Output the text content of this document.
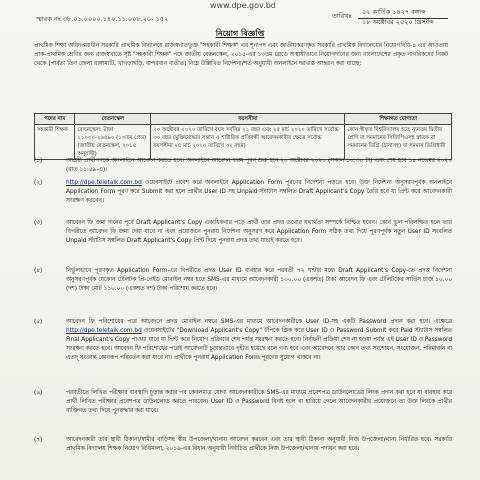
www.dpe.gov.bd
স্মারক নং ৩৮.০১.০০০০.১৪০.১১.০০৮.২০- ১৫২	তারিখঃ ০২ কার্তিক ১৪২৭ বঙ্গাব্দ
১৮ অক্টোবর ২০২০ খ্রিস্টাব্দ
নিয়োগ বিজ্ঞপ্তি
প্রাথমিক শিক্ষা অধিদপ্তরাধীন সরকারি প্রাথমিক বিদ্যালয়ে রাজস্বখাতভুক্ত "সহকারী শিক্ষক" এর শূন্যপদ এবং জাতীয়করণকৃত সরকারি প্রাথমিক বিদ্যালয়ের নিয়োগবিধি-৪ এর আওতায় প্রাক-প্রাথমিক শ্রেণির জন্য রাজস্বখাতে সৃষ্ট "সহকারী শিক্ষক" পদে জাতীয় বেতনস্কেল, ২০১৫-এর ১৩তম গ্রেডে অস্থায়ীভাবে নিয়োগদানের জন্য বাংলাদেশের প্রকৃত নাগরিকদের নিকট থেকে (পার্বত্য তিন জেলা রাঙ্গামাটি, খাগড়াছড়ি, বান্দরবান ব্যতীত) নিম্নে উল্লিখিত নির্দেশনা/শর্ত অনুযায়ী অনলাইনে দরখাস্ত আহ্বান করা যাচ্ছে:
পদের নাম	বেতনস্কেল	বয়সসীমা	শিক্ষাগত যোগ্যতা
সহকারী শিক্ষক	বেতনস্কেল: টাকা ১১০০০-২৬৫৯০ (১৩তম গ্রেড) (জাতীয় বেতনস্কেল, ২০১৫ অনুযায়ী)	২০ অক্টোবর ২০২০ তারিখে বয়স সর্বনিম্ন ২১ বছর এবং ২৫ মার্চ ২০২০ তারিখে সর্বোচ্চ ৩০ বছর (মুক্তিযোদ্ধার সন্তান ও শারীরিক প্রতিবন্ধী আবেদনকারীর ক্ষেত্রে সর্বোচ্চ বয়সসীমা ২৫ মার্চ ২০২০ তারিখে ৩২ বছর)	কোন স্বীকৃত বিশ্ববিদ্যালয় হতে ন্যূনতম দ্বিতীয় শ্রেণি বা সমমানের সিজিপিএসহ স্নাতক বা সমমানের ডিগ্রি (ঠানাসহ) বা সমমান ডিগ্রিধারী
(১)	আগ্রহী প্রার্থীগণকে অনলাইনে আবেদন করতে হবে। অনলাইনে আবেদন ফরম পূরণ শুরু হবে ২০ অক্টোবর ২০২০ (সকাল ১০:৩০ টা) এবং শেষ হবে ১৪ নভেম্বর ২০২০ (রাত ১১:৫৯-এ)।
(২)	http://dpe.teletalk.com.bd ওয়েবসাইটে প্রবেশ করে অনলাইনে Application Form পূরণের নির্দেশনা পড়তে হবে। উক্ত নির্দেশনা অনুসরণপূর্বক অনলাইনে Application Form পূরণ করে Submit করা হলে প্রার্থীর User ID সহ Unpaid স্ট্যাটাস সম্বলিত Draft Applicant's Copy তৈরি হবে যা প্রিন্ট করে আবেদনকারী সংরক্ষণ করবেন।
(৩)	আবেদন ফি জমা দানের পূর্বে Draft Applicant's Copy একাধিকবার পড়ে প্রার্থী তার প্রদত্ত তথ্যের যথার্থতা সম্পর্কে নিশ্চিত হবেন। কোন ভুল পরিলক্ষিত হলে তার বিপরীতে আবেদন ফি জমা দেয়া যাবে না এবং প্রয়োজনে পুনরায় নির্দেশনা অনুসরণ করে Application Form সঠিক তথ্য দিয়ে পূরণপূর্বক নতুন User ID সংবলিত Unpaid স্ট্যাটাস সম্বলিত Draft Applicant's Copy প্রিন্ট দিয়ে পুনরায় প্রদত্ত তথ্য যাচাই করতে হবে।
(৪)	নির্ভুলভাবে পূরণকৃত Application Form-এর বিপরীতে প্রদত্ত User ID ব্যবহার করে পরবর্তী ৭২ ঘণ্টার মধ্যে Draft Applicant's Copy-তে প্রদত্ত নির্দেশনা অনুসরণপূর্বক যেকোন টেলিটক প্রি-পেইড মোবাইল নম্বর হতে SMS-এর মাধ্যমে আবেদনকারী ১০০.০০ (একশত) টাকা আবেদন ফি এবং টেলিটকের সার্ভিস চার্জ ১০.০০ (দশ) টাকা মোট ১১০.০০ (একশত দশ) টাকা পরিশোধ করতে হবে।
(৫)	আবেদন ফি পরিশোধের পরে আবেদনে প্রদত্ত মোবাইল নম্বরে SMS-এর মাধ্যমে আবেদনকারীকে User ID-সহ একটি Password প্রদান করা হবে। এক্ষেত্রে http://dpe.teletalk.com.bd ওয়েবসাইটের "Download Applicant's Copy" টপিকে ক্লিক করে User ID ও Password Submit করে Paid স্ট্যাটাস সম্বলিত Final Applicant's Copy পাওয়া যাবে যা প্রিন্ট করে নিয়োগ প্রক্রিয়ার শেষ পর্যন্ত সংরক্ষণ করতে হবে। নির্বাচনী প্রক্রিয়া শেষ না হওয়া পর্যন্ত এই User ID ও Password সংরক্ষণ করতে হবে। আবেদন ফি পরিশোধের পরেই আবেদনটি চূড়ান্তভাবে গৃহীত হয়েছে বলে গণ্য হবে এবং আবেদনে আর কোন তথ্য সংশোধন, সংযোজন, পরিমার্জন বা এতদ্ সংক্রান্ত কোনরূপ পরিবর্তন করা যাবে না। প্রার্থীকে পুনরায় Application Form পূরণের সুযোগ থাকবে না।
(৬)	পরবর্তীতে লিখিত পরীক্ষার ব্যবস্থাদি চূড়ান্ত করার পর কেবলমাত্র যোগ্য আবেদনকারীকে SMS-এর মাধ্যমে প্রবেশপত্র ডাউনলোডের লিংক প্রদান করা হবে যা ব্যবহার করে প্রার্থী লিখিত পরীক্ষার প্রবেশপত্র ডাউনলোড করতে পারবেন। User ID ও Password বিনষ্ট হলে বা হারিয়ে গেলে আবেদনকারীর প্রয়োজনে তা উক্ত লিংকে প্রার্থীর ব্যক্তিগত তথ্য দিয়ে পুনরুদ্ধার করা যাবে।
(৭)	আবেদনকারী তার স্থায়ী ঠিকানা/স্বামীর বাড়িসহ স্বীয় উপজেলা/থানায় আবেদন করবেন এবং তার স্থায়ী ঠিকানা অনুযায়ী নিজ উপজেলা/থানা নির্ধারিত হবে। সরকারি প্রাথমিক বিদ্যালয় শিক্ষক নিয়োগ বিধিমালা, ২০১৯-এর বিধান অনুযায়ী নির্বাচিত প্রার্থীকে নিজ উপজেলা/থানায় পদায়ন করা হবে।
